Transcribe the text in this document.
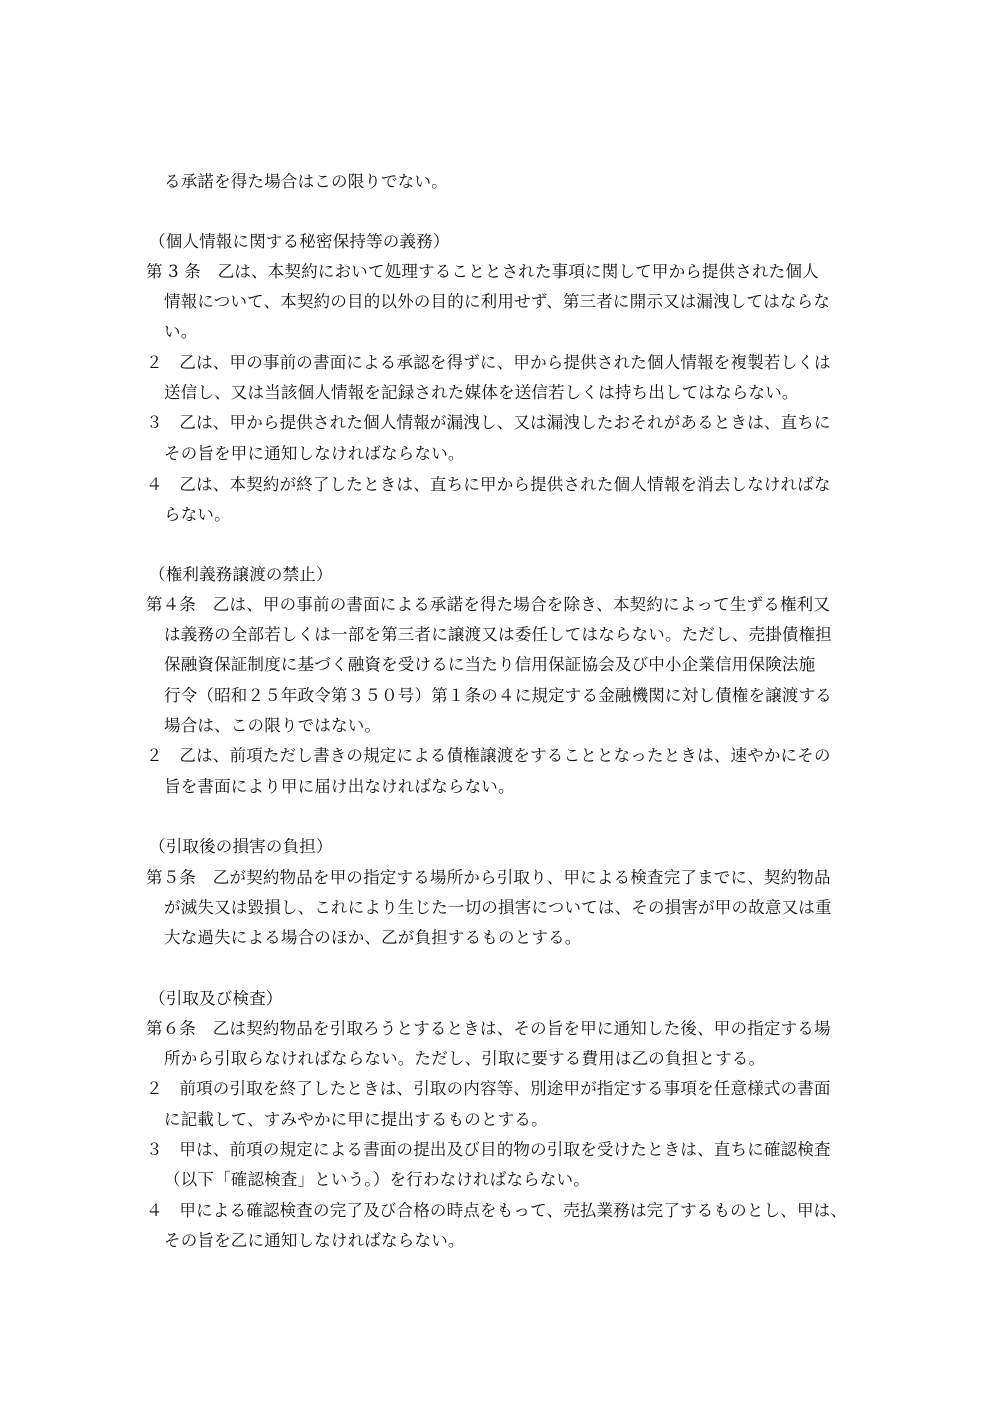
る承諾を得た場合はこの限りでない。
（個人情報に関する秘密保持等の義務）
第 3 条　乙は、本契約において処理することとされた事項に関して甲から提供された個人
情報について、本契約の目的以外の目的に利用せず、第三者に開示又は漏洩してはならな
い。
２　乙は、甲の事前の書面による承認を得ずに、甲から提供された個人情報を複製若しくは
送信し、又は当該個人情報を記録された媒体を送信若しくは持ち出してはならない。
３　乙は、甲から提供された個人情報が漏洩し、又は漏洩したおそれがあるときは、直ちに
その旨を甲に通知しなければならない。
４　乙は、本契約が終了したときは、直ちに甲から提供された個人情報を消去しなければな
らない。
（権利義務譲渡の禁止）
第４条　乙は、甲の事前の書面による承諾を得た場合を除き、本契約によって生ずる権利又
は義務の全部若しくは一部を第三者に譲渡又は委任してはならない。ただし、売掛債権担
保融資保証制度に基づく融資を受けるに当たり信用保証協会及び中小企業信用保険法施
行令（昭和２５年政令第３５０号）第１条の４に規定する金融機関に対し債権を譲渡する
場合は、この限りではない。
２　乙は、前項ただし書きの規定による債権譲渡をすることとなったときは、速やかにその
旨を書面により甲に届け出なければならない。
（引取後の損害の負担）
第５条　乙が契約物品を甲の指定する場所から引取り、甲による検査完了までに、契約物品
が滅失又は毀損し、これにより生じた一切の損害については、その損害が甲の故意又は重
大な過失による場合のほか、乙が負担するものとする。
（引取及び検査）
第６条　乙は契約物品を引取ろうとするときは、その旨を甲に通知した後、甲の指定する場
所から引取らなければならない。ただし、引取に要する費用は乙の負担とする。
２　前項の引取を終了したときは、引取の内容等、別途甲が指定する事項を任意様式の書面
に記載して、すみやかに甲に提出するものとする。
３　甲は、前項の規定による書面の提出及び目的物の引取を受けたときは、直ちに確認検査
（以下「確認検査」という。）を行わなければならない。
４　甲による確認検査の完了及び合格の時点をもって、売払業務は完了するものとし、甲は、
その旨を乙に通知しなければならない。
